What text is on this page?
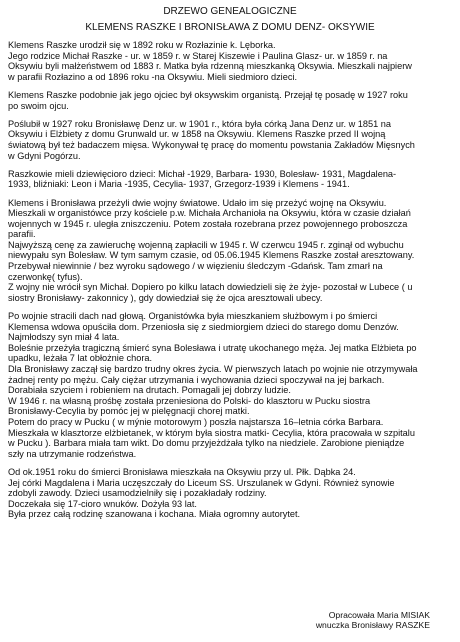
DRZEWO GENEALOGICZNE
KLEMENS RASZKE I BRONISŁAWA Z DOMU DENZ- OKSYWIE
Klemens Raszke urodził się w 1892 roku w Rozłazinie k. Lęborka.
Jego rodzice Michał Raszke - ur. w 1859 r. w Starej Kiszewie i Paulina Glasz- ur. w 1859 r. na
Oksywiu byli małżeństwem od 1883 r. Matka była rdzenną mieszkanką Oksywia. Mieszkali najpierw
w parafii Rozłazino a od 1896 roku -na Oksywiu. Mieli siedmioro dzieci.
Klemens Raszke podobnie jak jego ojciec był oksywskim organistą. Przejął tę posadę w 1927 roku
po swoim ojcu.
Poślubił w 1927 roku Bronisławę Denz ur. w 1901 r., która była córką Jana Denz ur. w 1851 na
Oksywiu i Elżbiety z domu Grunwald ur. w 1858 na Oksywiu. Klemens Raszke przed II wojną
światową był też badaczem mięsa. Wykonywał tę pracę do momentu powstania Zakładów Mięsnych
w Gdyni Pogórzu.
Raszkowie mieli dziewięcioro dzieci: Michał -1929, Barbara- 1930, Bolesław- 1931, Magdalena-
1933, bliźniaki: Leon i Maria -1935, Cecylia- 1937, Grzegorz-1939 i Klemens - 1941.
Klemens i Bronisława przeżyli dwie wojny światowe. Udało im się przeżyć wojnę na Oksywiu.
Mieszkali w organistówce przy kościele p.w. Michała Archanioła na Oksywiu, która w czasie działań
wojennych w 1945 r. uległa zniszczeniu. Potem została rozebrana przez powojennego proboszcza
parafii.
Najwyższą cenę za zawieruchę wojenną zapłacili w 1945 r. W czerwcu 1945 r. zginął od wybuchu
niewypału syn Bolesław. W tym samym czasie, od 05.06.1945 Klemens Raszke został aresztowany.
Przebywał niewinnie / bez wyroku sądowego / w więzieniu śledczym -Gdańsk. Tam zmarł na
czerwonkę( tyfus).
Z wojny nie wrócił syn Michał. Dopiero po kilku latach dowiedzieli się że żyje- pozostał w Lubece ( u
siostry Bronisławy- zakonnicy ), gdy dowiedział się że ojca aresztowali ubecy.
Po wojnie stracili dach nad głową. Organistówka była mieszkaniem służbowym i po śmierci
Klemensa wdowa opuściła dom. Przeniosła się z siedmiorgiem dzieci do starego domu Denzów.
Najmłodszy syn miał 4 lata.
Boleśnie przeżyła tragiczną śmierć syna Bolesława i utratę ukochanego męża. Jej matka Elżbieta po
upadku, leżała 7 lat obłożnie chora.
Dla Bronisławy zaczął się bardzo trudny okres życia. W pierwszych latach po wojnie nie otrzymywała
żadnej renty po mężu. Cały ciężar utrzymania i wychowania dzieci spoczywał na jej barkach.
Dorabiała szyciem i robieniem na drutach. Pomagali jej dobrzy ludzie.
W 1946 r. na własną prośbę została przeniesiona do Polski- do klasztoru w Pucku siostra
Bronisławy-Cecylia by pomóc jej w pielęgnacji chorej matki.
Potem do pracy w Pucku ( w mýnie motorowym ) poszła najstarsza 16–letnia córka Barbara.
Mieszkała w klasztorze elżbietanek, w którym była siostra matki- Cecylia, która pracowała w szpitalu
w Pucku ). Barbara miała tam wikt. Do domu przyjeżdżała tylko na niedziele. Zarobione pieniądze
szły na utrzymanie rodzeństwa.
Od ok.1951 roku do śmierci Bronisława mieszkała na Oksywiu przy ul. Płk. Dąbka 24.
Jej córki Magdalena i Maria uczęszczały do Liceum SS. Urszulanek w Gdyni. Również synowie
zdobyli zawody. Dzieci usamodzielniły się i pozakładały rodziny.
Doczekała się 17-cioro wnuków. Dożyła 93 lat.
Była przez całą rodzinę szanowana i kochana. Miała ogromny autorytet.
Opracowała Maria MISIAK
wnuczka Bronisławy RASZKE
